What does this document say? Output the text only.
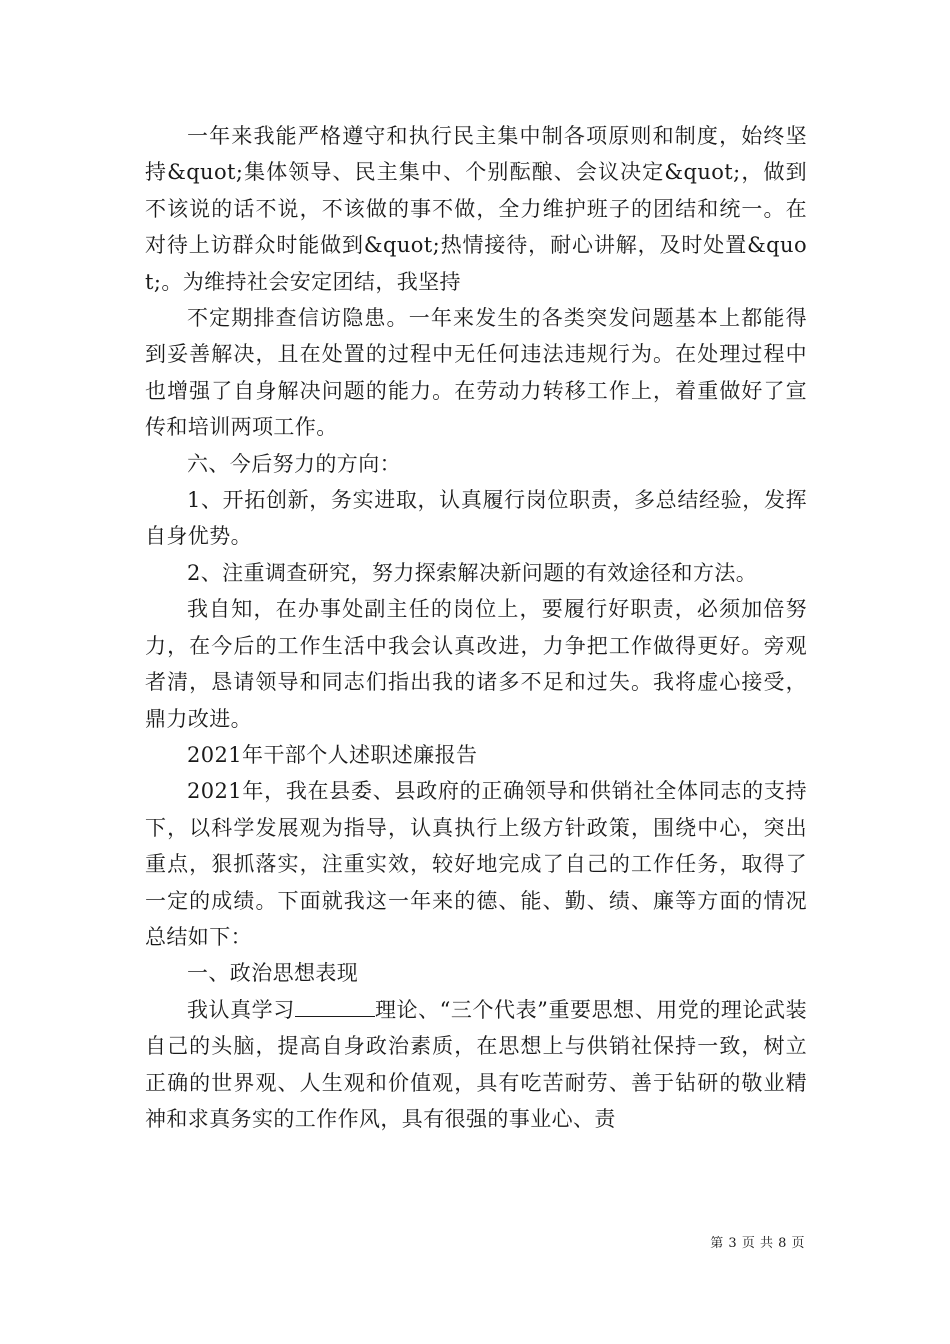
一年来我能严格遵守和执行民主集中制各项原则和制度，始终坚持&quot;集体领导、民主集中、个别酝酿、会议决定&quot;，做到不该说的话不说，不该做的事不做，全力维护班子的团结和统一。在对待上访群众时能做到&quot;热情接待，耐心讲解，及时处置&quot;。为维持社会安定团结，我坚持

不定期排查信访隐患。一年来发生的各类突发问题基本上都能得到妥善解决，且在处置的过程中无任何违法违规行为。在处理过程中也增强了自身解决问题的能力。在劳动力转移工作上，着重做好了宣传和培训两项工作。

六、今后努力的方向：

1、开拓创新，务实进取，认真履行岗位职责，多总结经验，发挥自身优势。

2、注重调查研究，努力探索解决新问题的有效途径和方法。

我自知，在办事处副主任的岗位上，要履行好职责，必须加倍努力，在今后的工作生活中我会认真改进，力争把工作做得更好。旁观者清，恳请领导和同志们指出我的诸多不足和过失。我将虚心接受，鼎力改进。

2021年干部个人述职述廉报告

2021年，我在县委、县政府的正确领导和供销社全体同志的支持下，以科学发展观为指导，认真执行上级方针政策，围绕中心，突出重点，狠抓落实，注重实效，较好地完成了自己的工作任务，取得了一定的成绩。下面就我这一年来的德、能、勤、绩、廉等方面的情况总结如下：

一、政治思想表现

我认真学习	理论、“三个代表”重要思想、用党的理论武装自己的头脑，提高自身政治素质，在思想上与供销社保持一致，树立正确的世界观、人生观和价值观，具有吃苦耐劳、善于钻研的敬业精神和求真务实的工作作风，具有很强的事业心、责

第 3 页 共 8 页
